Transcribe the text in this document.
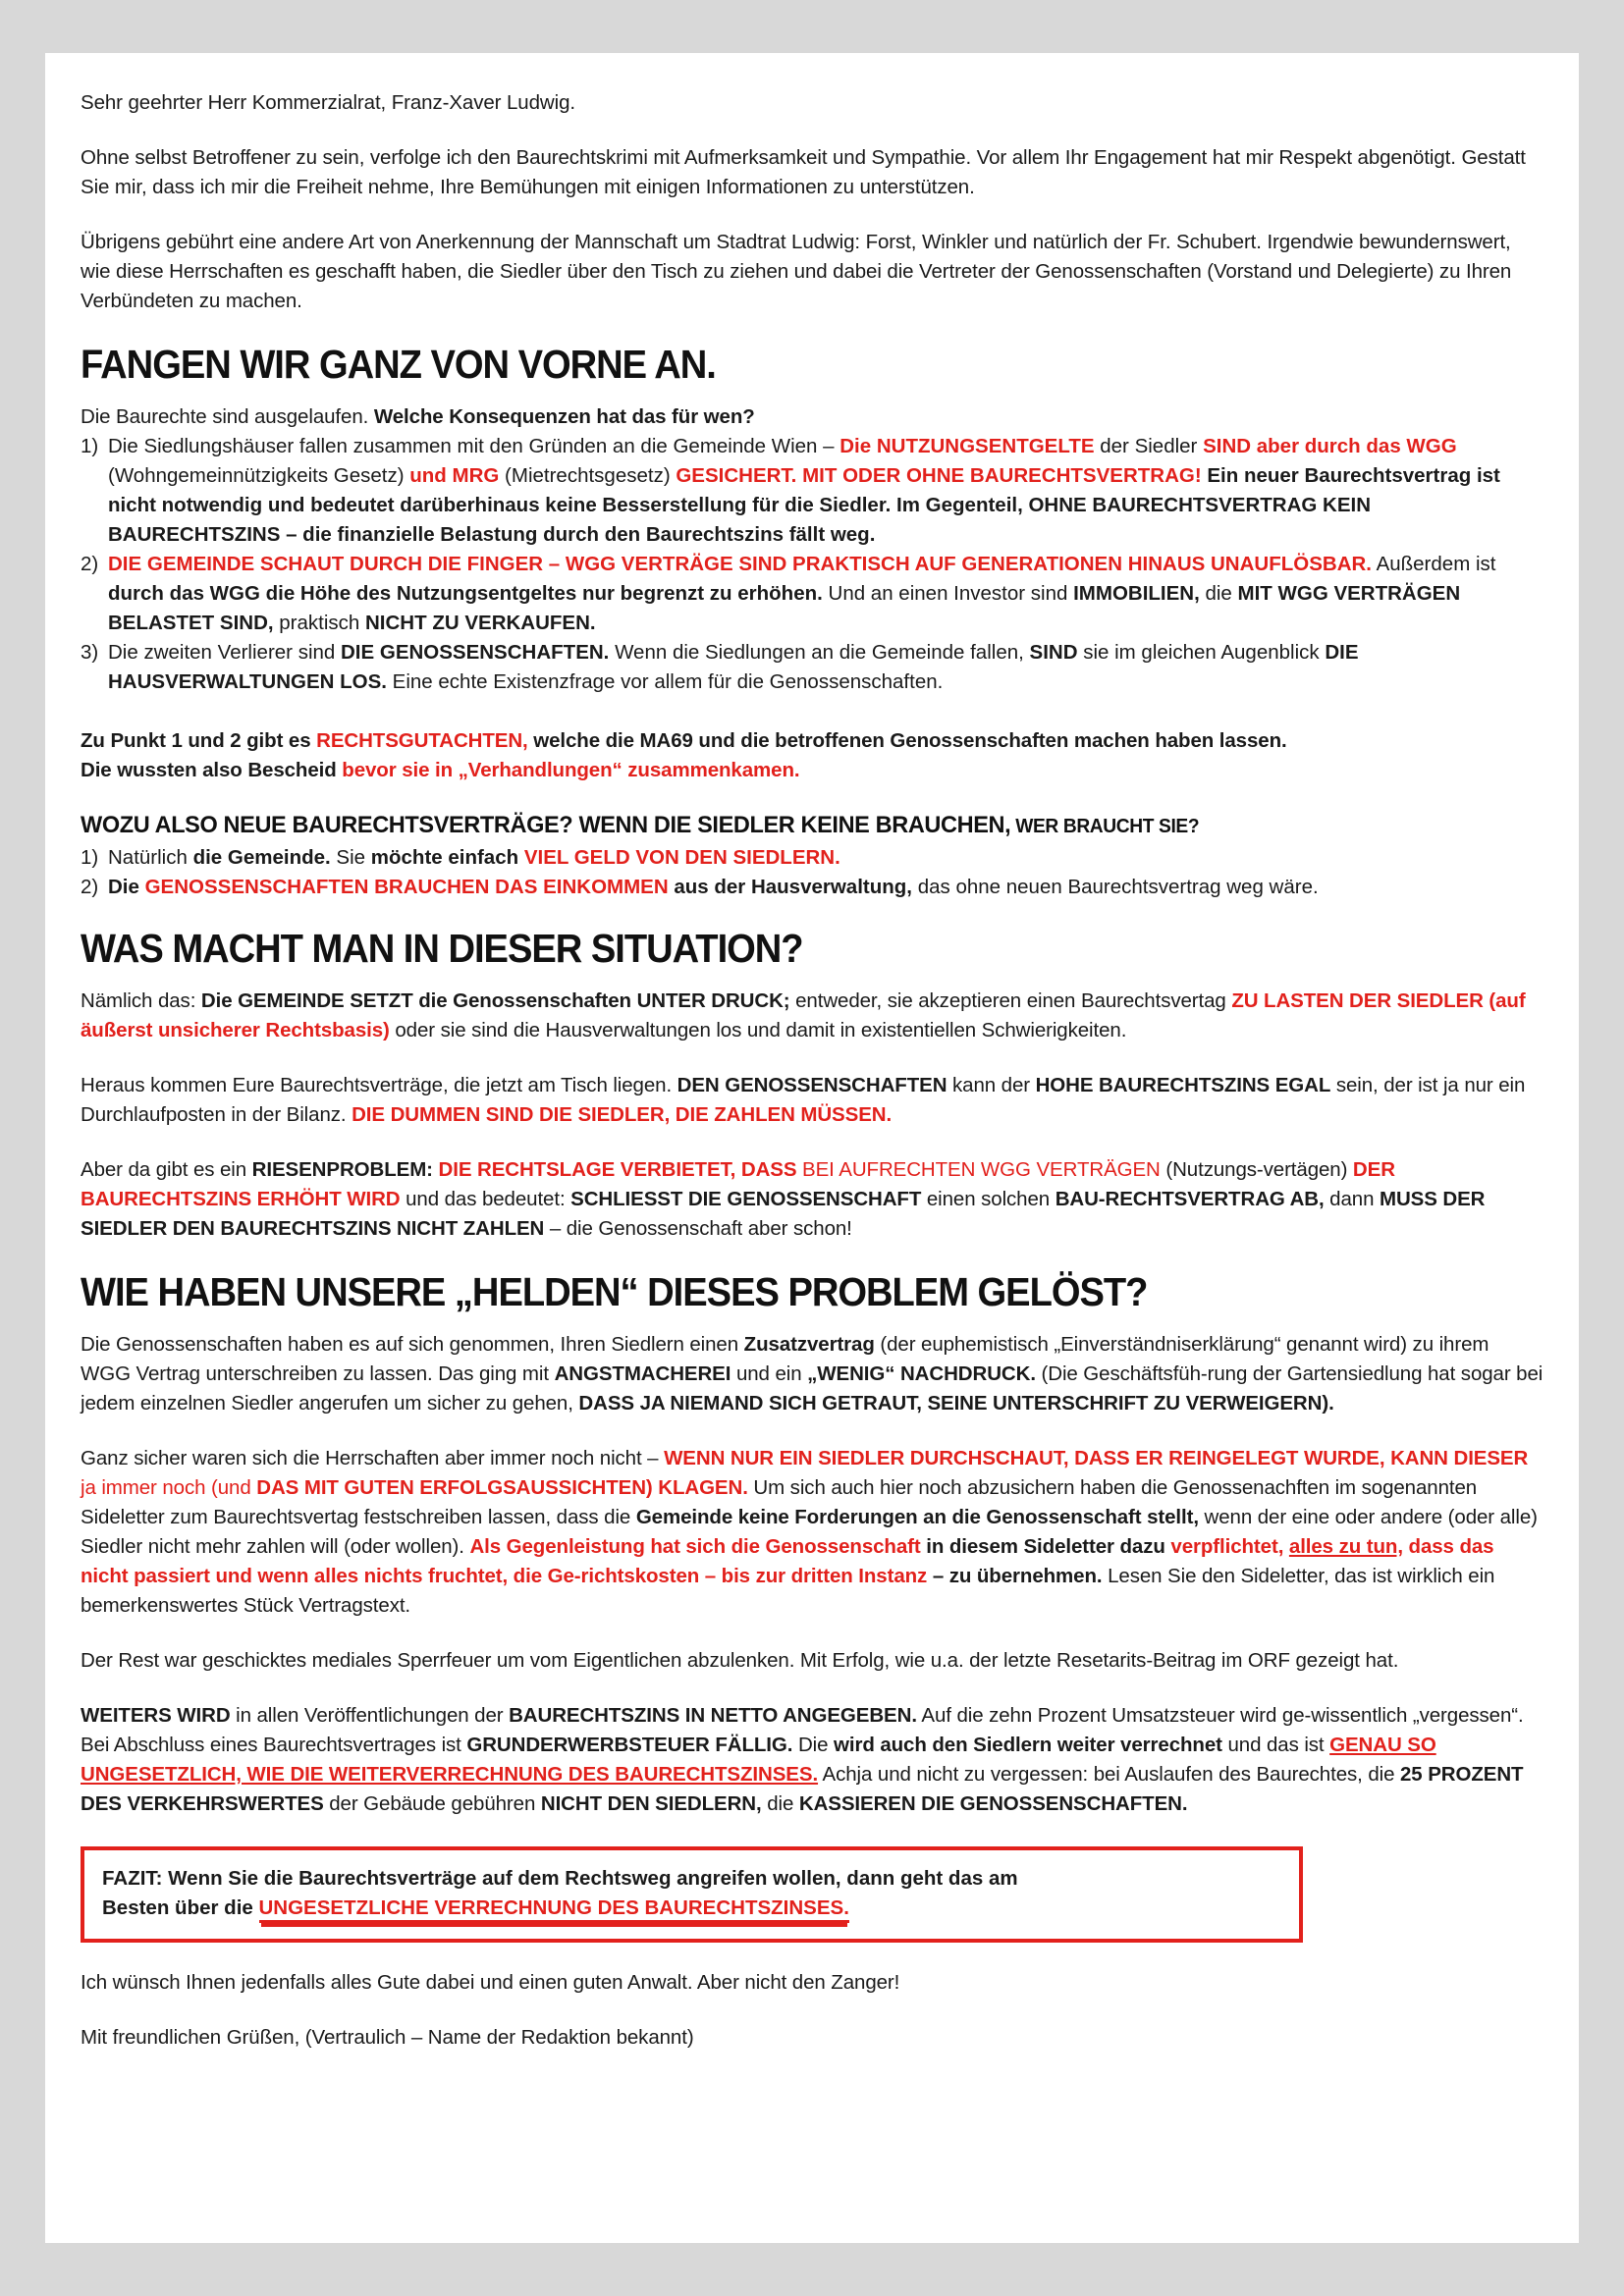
Sehr geehrter Herr Kommerzialrat, Franz-Xaver Ludwig.

Ohne selbst Betroffener zu sein, verfolge ich den Baurechtskrimi mit Aufmerksamkeit und Sympathie. Vor allem Ihr Engagement hat mir Respekt abgenötigt. Gestatt Sie mir, dass ich mir die Freiheit nehme, Ihre Bemühungen mit einigen Informationen zu unterstützen.

Übrigens gebührt eine andere Art von Anerkennung der Mannschaft um Stadtrat Ludwig: Forst, Winkler und natürlich der Fr. Schubert. Irgendwie bewundernswert, wie diese Herrschaften es geschafft haben, die Siedler über den Tisch zu ziehen und dabei die Vertreter der Genossenschaften (Vorstand und Delegierte) zu Ihren Verbündeten zu machen.

FANGEN WIR GANZ VON VORNE AN.
Die Baurechte sind ausgelaufen. Welche Konsequenzen hat das für wen?
1) Die Siedlungshäuser fallen zusammen mit den Gründen an die Gemeinde Wien – Die NUTZUNGSENTGELTE der Siedler SIND aber durch das WGG (Wohngemeinnützigkeits Gesetz) und MRG (Mietrechtsgesetz) GESICHERT. MIT ODER OHNE BAURECHTSVERTRAG! Ein neuer Baurechtsvertrag ist nicht notwendig und bedeutet darüberhinaus keine Besserstellung für die Siedler. Im Gegenteil, OHNE BAURECHTSVERTRAG KEIN BAURECHTSZINS – die finanzielle Belastung durch den Baurechtszins fällt weg.
2) DIE GEMEINDE SCHAUT DURCH DIE FINGER – WGG VERTRÄGE SIND PRAKTISCH AUF GENERATIONEN HINAUS UNAUFLÖSBAR. Außerdem ist durch das WGG die Höhe des Nutzungsentgeltes nur begrenzt zu erhöhen. Und an einen Investor sind IMMOBILIEN, die MIT WGG VERTRÄGEN BELASTET SIND, praktisch NICHT ZU VERKAUFEN.
3) Die zweiten Verlierer sind DIE GENOSSENSCHAFTEN. Wenn die Siedlungen an die Gemeinde fallen, SIND sie im gleichen Augenblick DIE HAUSVERWALTUNGEN LOS. Eine echte Existenzfrage vor allem für die Genossenschaften.
Zu Punkt 1 und 2 gibt es RECHTSGUTACHTEN, welche die MA69 und die betroffenen Genossenschaften machen haben lassen.
Die wussten also Bescheid bevor sie in „Verhandlungen“ zusammenkamen.
WOZU ALSO NEUE BAURECHTSVERTRÄGE? WENN DIE SIEDLER KEINE BRAUCHEN, WER BRAUCHT SIE?
1) Natürlich die Gemeinde. Sie möchte einfach VIEL GELD VON DEN SIEDLERN.
2) Die GENOSSENSCHAFTEN BRAUCHEN DAS EINKOMMEN aus der Hausverwaltung, das ohne neuen Baurechtsvertrag weg wäre.
WAS MACHT MAN IN DIESER SITUATION?

Nämlich das: Die GEMEINDE SETZT die Genossenschaften UNTER DRUCK; entweder, sie akzeptieren einen Baurechtsvertag ZU LASTEN DER SIEDLER (auf äußerst unsicherer Rechtsbasis) oder sie sind die Hausverwaltungen los und damit in existentiellen Schwierigkeiten.

Heraus kommen Eure Baurechtsverträge, die jetzt am Tisch liegen. DEN GENOSSENSCHAFTEN kann der HOHE BAURECHTSZINS EGAL sein, der ist ja nur ein Durchlaufposten in der Bilanz. DIE DUMMEN SIND DIE SIEDLER, DIE ZAHLEN MÜSSEN.

Aber da gibt es ein RIESENPROBLEM: DIE RECHTSLAGE VERBIETET, DASS BEI AUFRECHTEN WGG VERTRÄGEN (Nutzungs-vertägen) DER BAURECHTSZINS ERHÖHT WIRD und das bedeutet: SCHLIESST DIE GENOSSENSCHAFT einen solchen BAU-RECHTSVERTRAG AB, dann MUSS DER SIEDLER DEN BAURECHTSZINS NICHT ZAHLEN – die Genossenschaft aber schon!

WIE HABEN UNSERE „HELDEN“ DIESES PROBLEM GELÖST?

Die Genossenschaften haben es auf sich genommen, Ihren Siedlern einen Zusatzvertrag (der euphemistisch „Einverständniserklärung“ genannt wird) zu ihrem WGG Vertrag unterschreiben zu lassen. Das ging mit ANGSTMACHEREI und ein „WENIG“ NACHDRUCK. (Die Geschäftsfüh-rung der Gartensiedlung hat sogar bei jedem einzelnen Siedler angerufen um sicher zu gehen, DASS JA NIEMAND SICH GETRAUT, SEINE UNTERSCHRIFT ZU VERWEIGERN).

Ganz sicher waren sich die Herrschaften aber immer noch nicht – WENN NUR EIN SIEDLER DURCHSCHAUT, DASS ER REINGELEGT WURDE, KANN DIESER ja immer noch (und DAS MIT GUTEN ERFOLGSAUSSICHTEN) KLAGEN. Um sich auch hier noch abzusichern haben die Genossenachften im sogenannten Sideletter zum Baurechtsvertag festschreiben lassen, dass die Gemeinde keine Forderungen an die Genossenschaft stellt, wenn der eine oder andere (oder alle) Siedler nicht mehr zahlen will (oder wollen). Als Gegenleistung hat sich die Genossenschaft in diesem Sideletter dazu verpflichtet, alles zu tun, dass das nicht passiert und wenn alles nichts fruchtet, die Ge-richtskosten – bis zur dritten Instanz – zu übernehmen. Lesen Sie den Sideletter, das ist wirklich ein bemerkenswertes Stück Vertragstext.

Der Rest war geschicktes mediales Sperrfeuer um vom Eigentlichen abzulenken. Mit Erfolg, wie u.a. der letzte Resetarits-Beitrag im ORF gezeigt hat.

WEITERS WIRD in allen Veröffentlichungen der BAURECHTSZINS IN NETTO ANGEGEBEN. Auf die zehn Prozent Umsatzsteuer wird ge-wissentlich „vergessen“. Bei Abschluss eines Baurechtsvertrages ist GRUNDERWERBSTEUER FÄLLIG. Die wird auch den Siedlern weiter verrechnet und das ist GENAU SO UNGESETZLICH, WIE DIE WEITERVERRECHNUNG DES BAURECHTSZINSES. Achja und nicht zu vergessen: bei Auslaufen des Baurechtes, die 25 PROZENT DES VERKEHRSWERTES der Gebäude gebühren NICHT DEN SIEDLERN, die KASSIEREN DIE GENOSSENSCHAFTEN.

FAZIT: Wenn Sie die Baurechtsverträge auf dem Rechtsweg angreifen wollen, dann geht das am
Besten über die UNGESETZLICHE VERRECHNUNG DES BAURECHTSZINSES.

Ich wünsch Ihnen jedenfalls alles Gute dabei und einen guten Anwalt. Aber nicht den Zanger!

Mit freundlichen Grüßen, (Vertraulich – Name der Redaktion bekannt)
